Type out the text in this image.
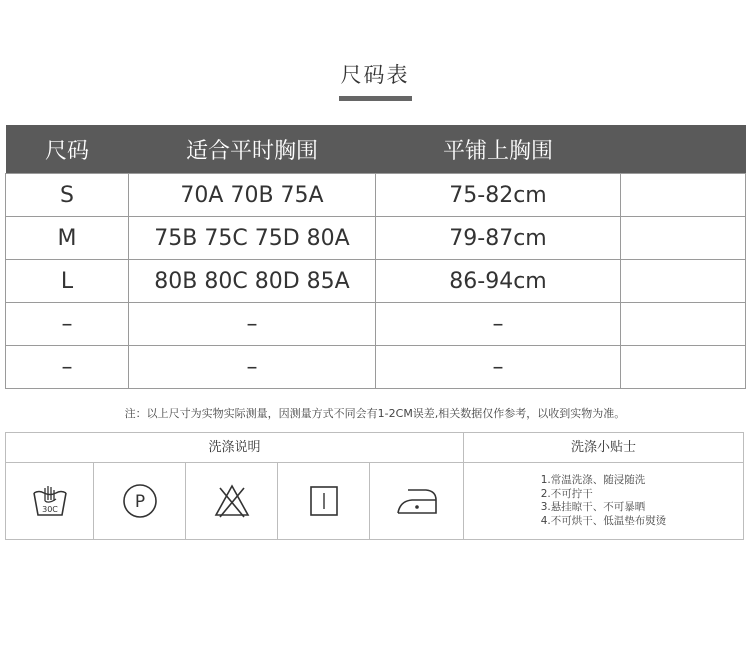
尺码表
尺码	适合平时胸围	平铺上胸围	
S	70A 70B 75A	75-82cm	
M	75B 75C 75D 80A	79-87cm	
L	80B 80C 80D 85A	86-94cm	
–	–	–	
–	–	–	
注：以上尺寸为实物实际测量，因测量方式不同会有1-2CM误差,相关数据仅作参考，以收到实物为准。
洗涤说明	洗涤小贴士
30C	P
1.常温洗涤、随浸随洗
2.不可拧干
3.悬挂晾干、不可暴晒
4.不可烘干、低温垫布熨烫
